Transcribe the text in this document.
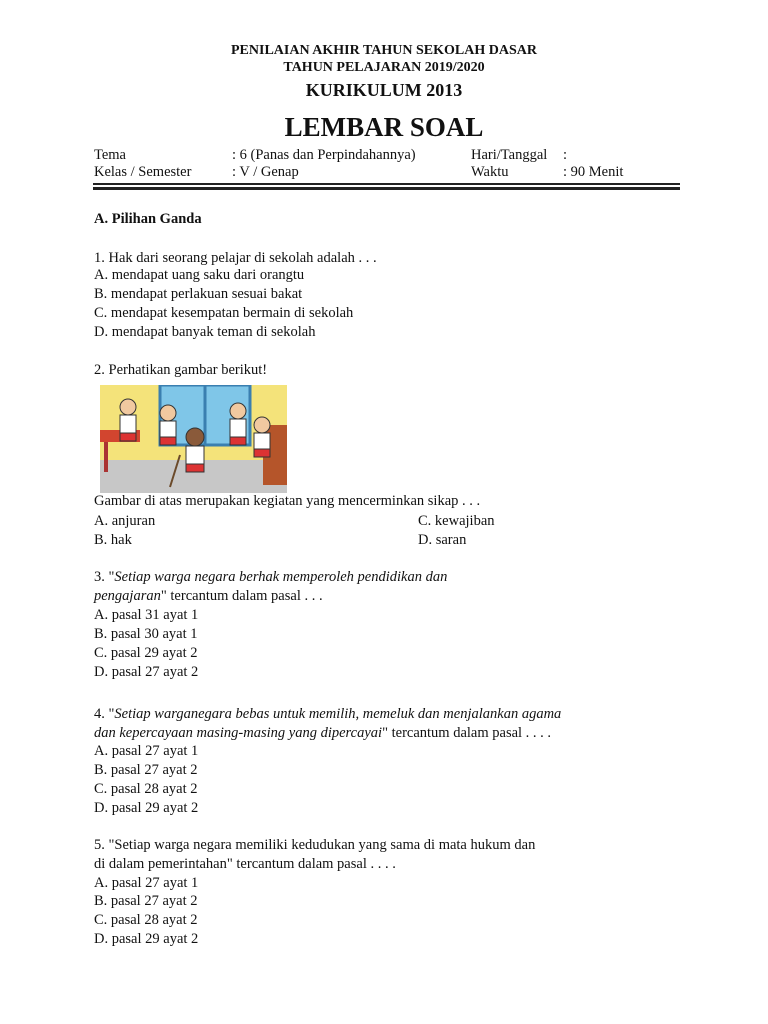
PENILAIAN AKHIR TAHUN SEKOLAH DASAR
TAHUN PELAJARAN 2019/2020
KURIKULUM 2013
LEMBAR SOAL
Tema	: 6 (Panas dan Perpindahannya)	Hari/Tanggal :
Kelas / Semester	: V / Genap	Waktu	: 90 Menit
A. Pilihan Ganda
1. Hak dari seorang pelajar di sekolah adalah . . .
A. mendapat uang saku dari orangtu
B. mendapat perlakuan sesuai bakat
C. mendapat kesempatan bermain di sekolah
D. mendapat banyak teman di sekolah
2. Perhatikan gambar berikut!
Gambar di atas merupakan kegiatan yang mencerminkan sikap . . .
A. anjuran	C. kewajiban
B. hak	D. saran
3. "Setiap warga negara berhak memperoleh pendidikan dan
pengajaran" tercantum dalam pasal . . .
A. pasal 31 ayat 1
B. pasal 30 ayat 1
C. pasal 29 ayat 2
D. pasal 27 ayat 2
4. "Setiap warganegara bebas untuk memilih, memeluk dan menjalankan agama
dan kepercayaan masing-masing yang dipercayai" tercantum dalam pasal . . . .
A. pasal 27 ayat 1
B. pasal 27 ayat 2
C. pasal 28 ayat 2
D. pasal 29 ayat 2
5. "Setiap warga negara memiliki kedudukan yang sama di mata hukum dan
di dalam pemerintahan" tercantum dalam pasal . . . .
A. pasal 27 ayat 1
B. pasal 27 ayat 2
C. pasal 28 ayat 2
D. pasal 29 ayat 2
